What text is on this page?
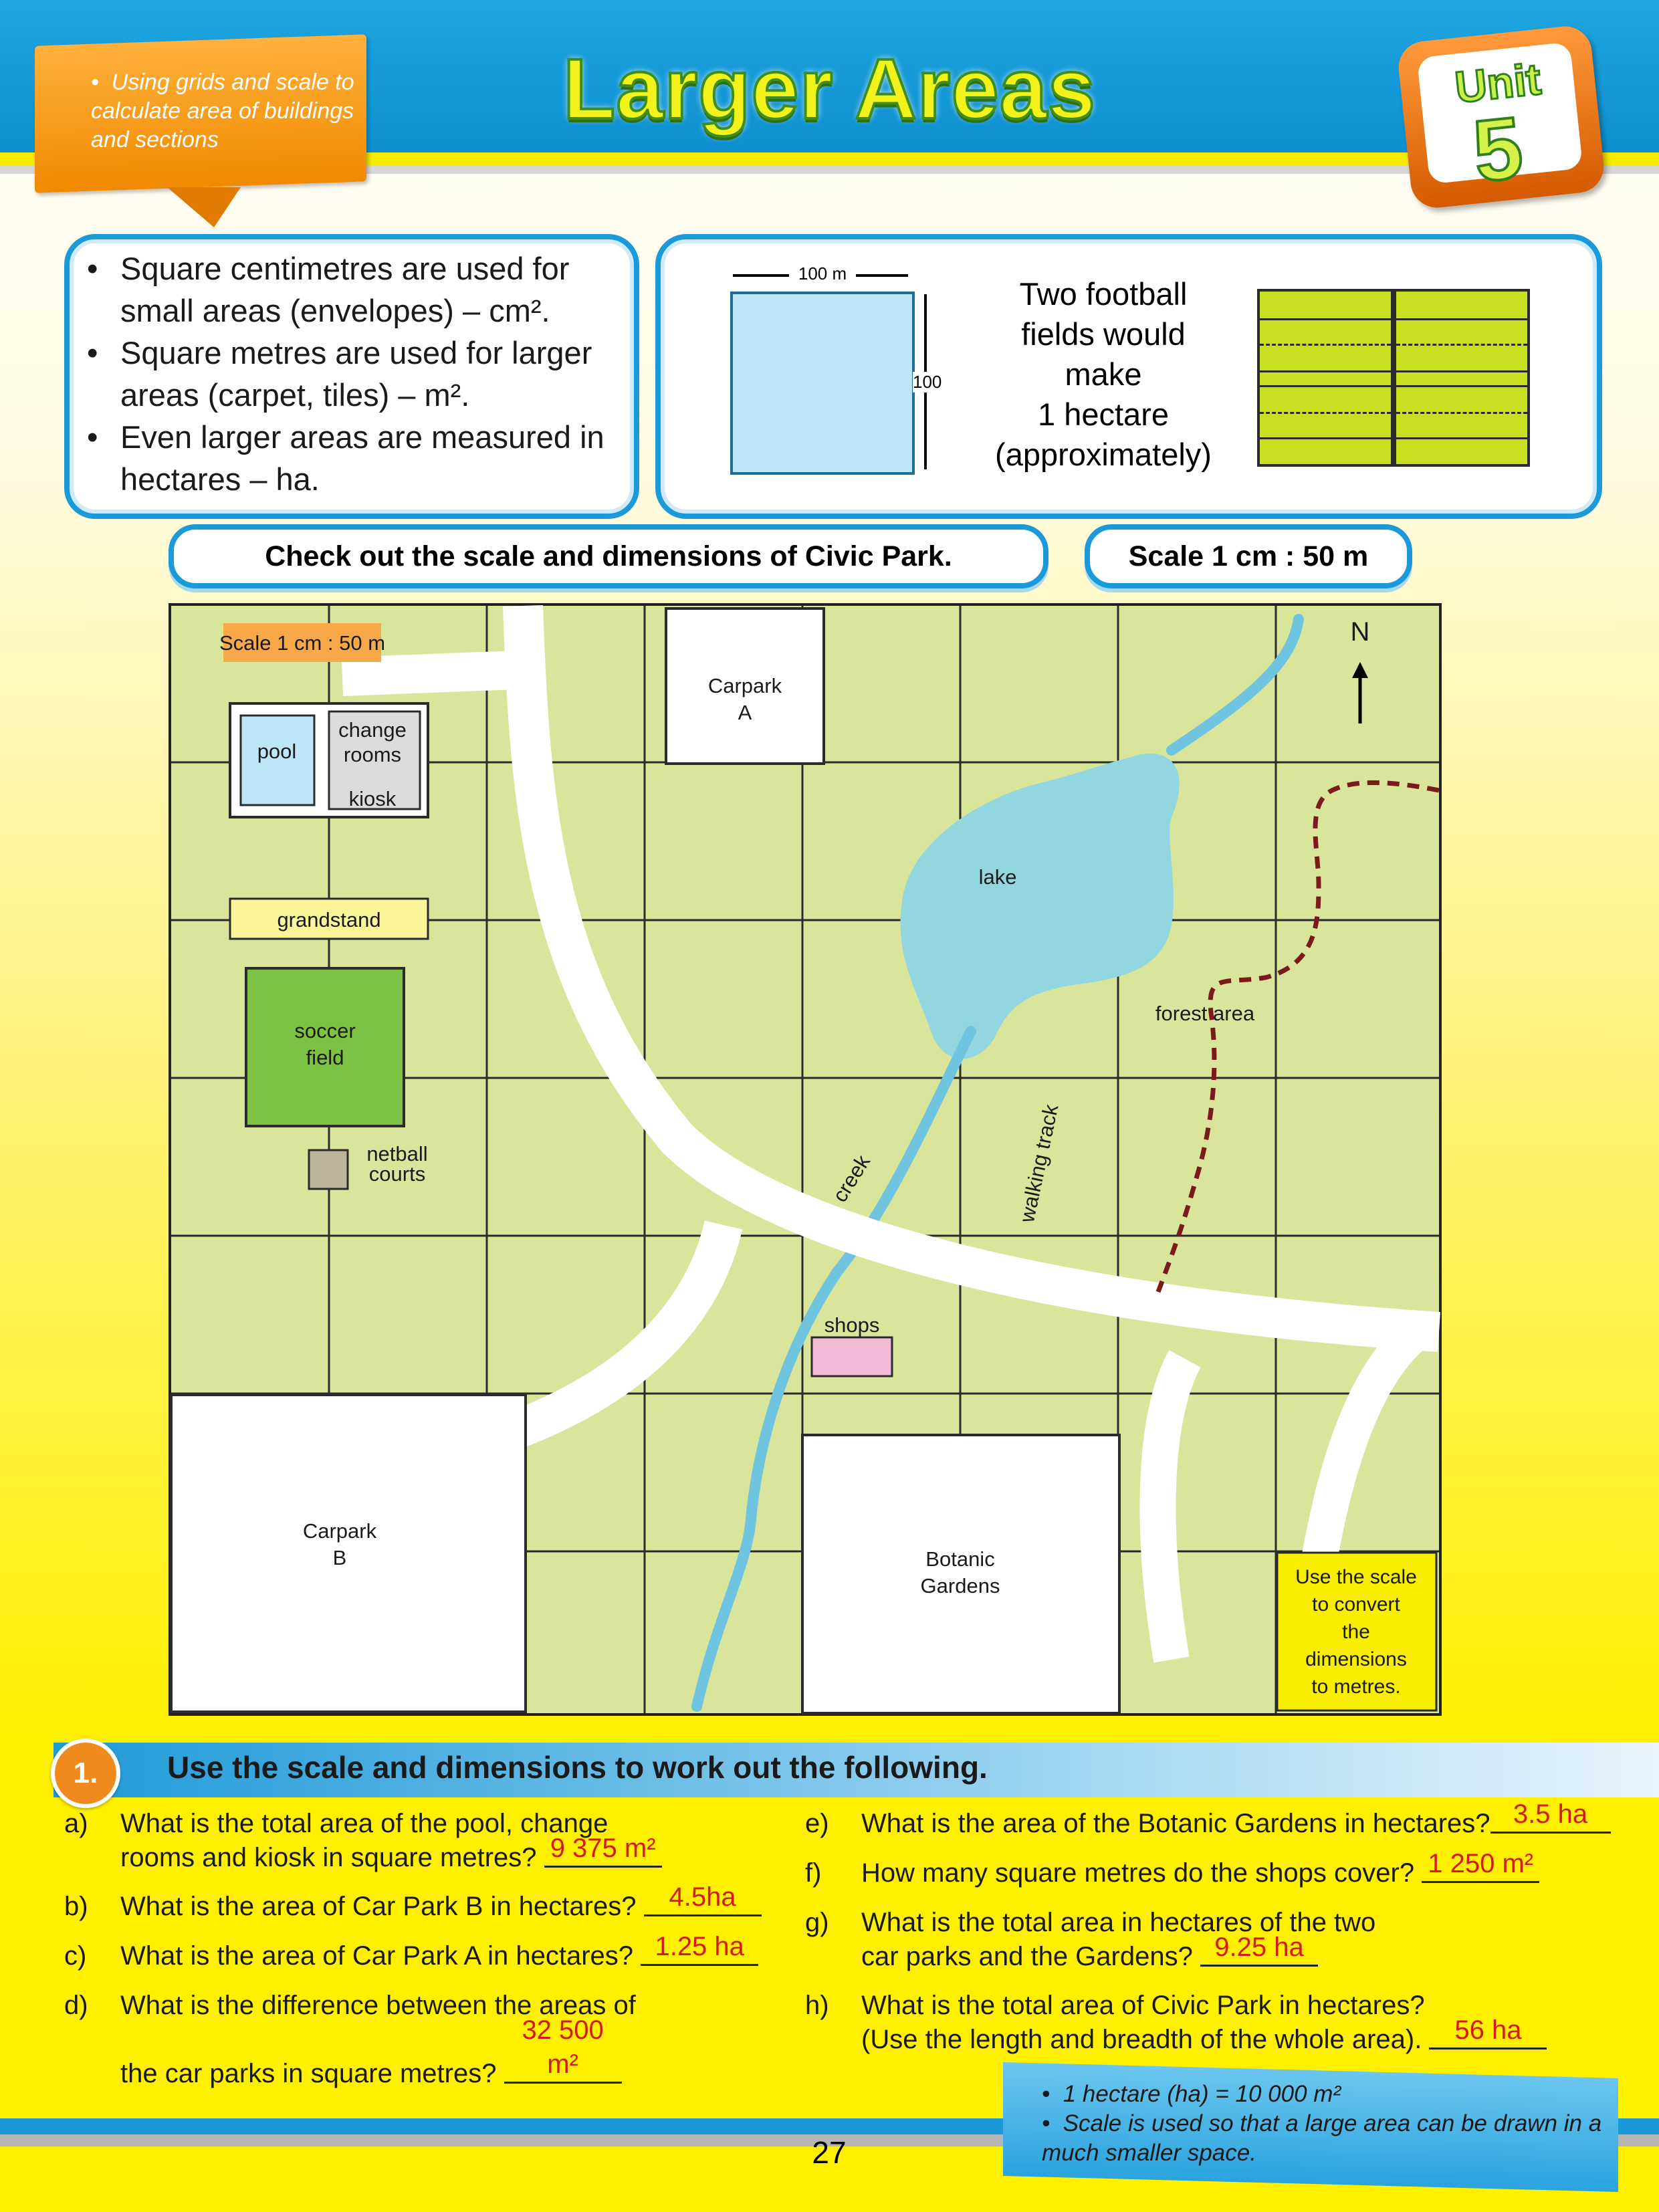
•  Using grids and scale to calculate area of buildings and sections
Larger Areas	Unit
5
• Square centimetres are used for small areas (envelopes) – cm².
• Square metres are used for larger areas (carpet, tiles) – m².
• Even larger areas are measured in hectares – ha.
100 m
100
Two football
fields would
make
1 hectare
(approximately)
Check out the scale and dimensions of Civic Park.	Scale 1 cm : 50 m
Scale 1 cm : 50 m	N
pool
change rooms
kiosk
grandstand
soccer field
netball courts
Carpark A
lake
forest area
creek	walking track
shops
Carpark B	Botanic Gardens	Use the scale to convert the dimensions to metres.
1.	Use the scale and dimensions to work out the following.
a) What is the total area of the pool, change
rooms and kiosk in square metres? 9 375 m²
b) What is the area of Car Park B in hectares? 4.5ha
c) What is the area of Car Park A in hectares? 1.25 ha
d) What is the difference between the areas of
the car parks in square metres? 32 500 m²
e) What is the area of the Botanic Gardens in hectares? 3.5 ha
f) How many square metres do the shops cover? 1 250 m²
g) What is the total area in hectares of the two
car parks and the Gardens? 9.25 ha
h) What is the total area of Civic Park in hectares?
(Use the length and breadth of the whole area). 56 ha
27
•  1 hectare (ha) = 10 000 m²
•  Scale is used so that a large area can be drawn in a much smaller space.
